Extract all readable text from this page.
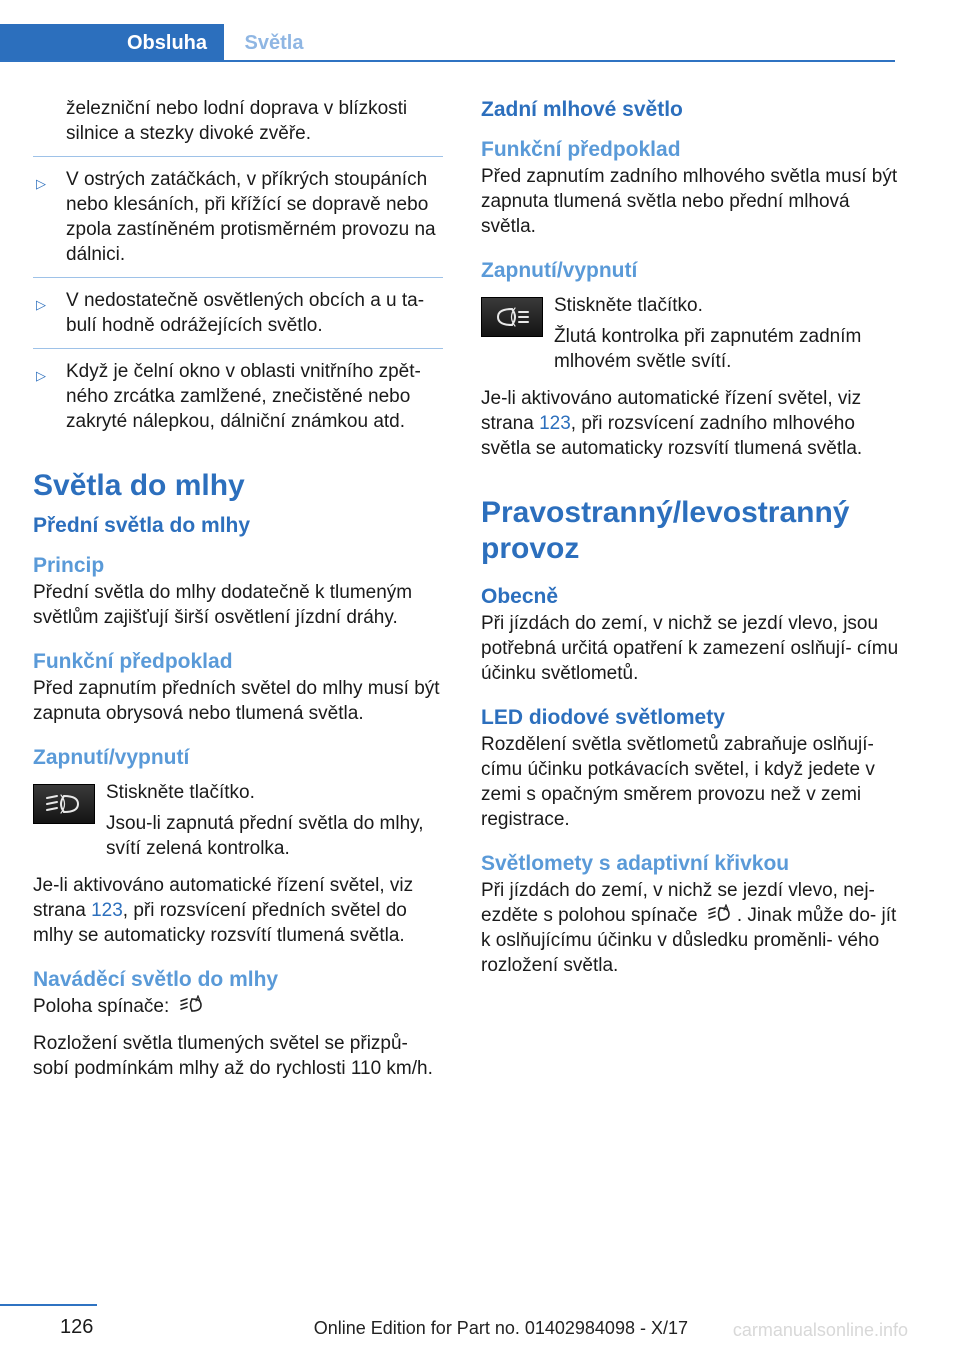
Obsluha	Světla

železniční nebo lodní doprava v blízkosti silnice a stezky divoké zvěře.

▷ V ostrých zatáčkách, v příkrých stoupáních nebo klesáních, při křížící se dopravě nebo zpola zastíněném protisměrném provozu na dálnici.
▷ V nedostatečně osvětlených obcích a u ta‐ bulí hodně odrážejících světlo.
▷ Když je čelní okno v oblasti vnitřního zpět‐ ného zrcátka zamlžené, znečistěné nebo zakryté nálepkou, dálniční známkou atd.
Světla do mlhy
Přední světla do mlhy
Princip

Přední světla do mlhy dodatečně k tlumeným světlům zajišťují širší osvětlení jízdní dráhy.

Funkční předpoklad

Před zapnutím předních světel do mlhy musí být zapnuta obrysová nebo tlumená světla.

Zapnutí/vypnutí

Stiskněte tlačítko.

Jsou-li zapnutá přední světla do mlhy, svítí zelená kontrolka.

Je-li aktivováno automatické řízení světel, viz strana 123, při rozsvícení předních světel do mlhy se automaticky rozsvítí tlumená světla.

Naváděcí světlo do mlhy

Poloha spínače:

Rozložení světla tlumených světel se přizpů‐ sobí podmínkám mlhy až do rychlosti 110 km/h.

Zadní mlhové světlo
Funkční předpoklad

Před zapnutím zadního mlhového světla musí být zapnuta tlumená světla nebo přední mlhová světla.

Zapnutí/vypnutí

Stiskněte tlačítko.

Žlutá kontrolka při zapnutém zadním mlhovém světle svítí.

Je-li aktivováno automatické řízení světel, viz strana 123, při rozsvícení zadního mlhového světla se automaticky rozsvítí tlumená světla.

Pravostranný/levostranný provoz
Obecně

Při jízdách do zemí, v nichž se jezdí vlevo, jsou potřebná určitá opatření k zamezení oslňují‐ címu účinku světlometů.

LED diodové světlomety

Rozdělení světla světlometů zabraňuje oslňují‐ címu účinku potkávacích světel, i když jedete v zemi s opačným směrem provozu než v zemi registrace.

Světlomety s adaptivní křivkou

Při jízdách do zemí, v nichž se jezdí vlevo, nej‐ ezděte s polohou spínače . Jinak může do‐ jít k oslňujícímu účinku v důsledku proměnli‐ vého rozložení světla.

126	Online Edition for Part no. 01402984098 - X/17 carmanualsonline.info
